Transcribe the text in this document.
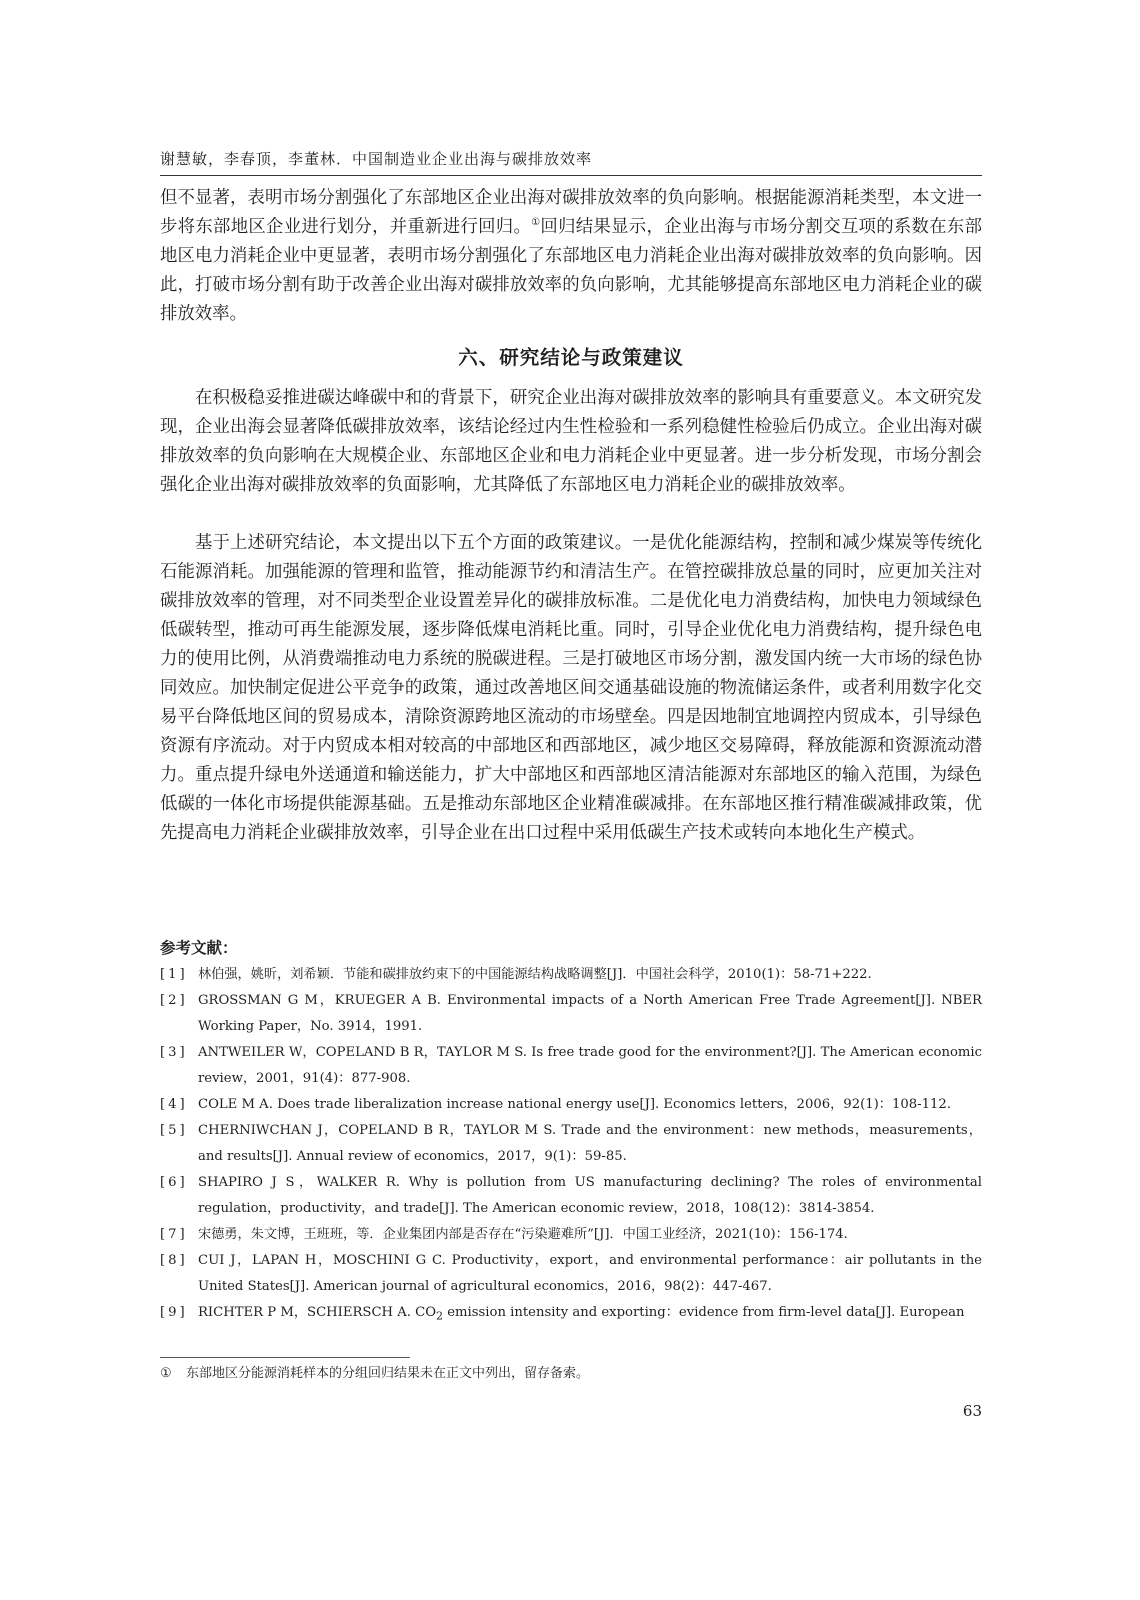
谢慧敏，李春顶，李董林．中国制造业企业出海与碳排放效率

但不显著，表明市场分割强化了东部地区企业出海对碳排放效率的负向影响。根据能源消耗类型，本文进一步将东部地区企业进行划分，并重新进行回归。①回归结果显示，企业出海与市场分割交互项的系数在东部地区电力消耗企业中更显著，表明市场分割强化了东部地区电力消耗企业出海对碳排放效率的负向影响。因此，打破市场分割有助于改善企业出海对碳排放效率的负向影响，尤其能够提高东部地区电力消耗企业的碳排放效率。

六、研究结论与政策建议

在积极稳妥推进碳达峰碳中和的背景下，研究企业出海对碳排放效率的影响具有重要意义。本文研究发现，企业出海会显著降低碳排放效率，该结论经过内生性检验和一系列稳健性检验后仍成立。企业出海对碳排放效率的负向影响在大规模企业、东部地区企业和电力消耗企业中更显著。进一步分析发现，市场分割会强化企业出海对碳排放效率的负面影响，尤其降低了东部地区电力消耗企业的碳排放效率。

基于上述研究结论，本文提出以下五个方面的政策建议。一是优化能源结构，控制和减少煤炭等传统化石能源消耗。加强能源的管理和监管，推动能源节约和清洁生产。在管控碳排放总量的同时，应更加关注对碳排放效率的管理，对不同类型企业设置差异化的碳排放标准。二是优化电力消费结构，加快电力领域绿色低碳转型，推动可再生能源发展，逐步降低煤电消耗比重。同时，引导企业优化电力消费结构，提升绿色电力的使用比例，从消费端推动电力系统的脱碳进程。三是打破地区市场分割，激发国内统一大市场的绿色协同效应。加快制定促进公平竞争的政策，通过改善地区间交通基础设施的物流储运条件，或者利用数字化交易平台降低地区间的贸易成本，清除资源跨地区流动的市场壁垒。四是因地制宜地调控内贸成本，引导绿色资源有序流动。对于内贸成本相对较高的中部地区和西部地区，减少地区交易障碍，释放能源和资源流动潜力。重点提升绿电外送通道和输送能力，扩大中部地区和西部地区清洁能源对东部地区的输入范围，为绿色低碳的一体化市场提供能源基础。五是推动东部地区企业精准碳减排。在东部地区推行精准碳减排政策，优先提高电力消耗企业碳排放效率，引导企业在出口过程中采用低碳生产技术或转向本地化生产模式。

参考文献：
[1] 林伯强，姚昕，刘希颖．节能和碳排放约束下的中国能源结构战略调整[J]．中国社会科学，2010(1)：58-71+222.
[2] GROSSMAN G M，KRUEGER A B. Environmental impacts of a North American Free Trade Agreement[J]. NBER Working Paper，No. 3914，1991.
[3] ANTWEILER W，COPELAND B R，TAYLOR M S. Is free trade good for the environment?[J]. The American economic review，2001，91(4)：877-908.
[4] COLE M A. Does trade liberalization increase national energy use[J]. Economics letters，2006，92(1)：108-112.
[5] CHERNIWCHAN J，COPELAND B R，TAYLOR M S. Trade and the environment：new methods，measurements，and results[J]. Annual review of economics，2017，9(1)：59-85.
[6] SHAPIRO J S，WALKER R. Why is pollution from US manufacturing declining? The roles of environmental regulation，productivity，and trade[J]. The American economic review，2018，108(12)：3814-3854.
[7] 宋德勇，朱文博，王班班，等．企业集团内部是否存在“污染避难所”[J]．中国工业经济，2021(10)：156-174.
[8] CUI J，LAPAN H，MOSCHINI G C. Productivity，export，and environmental performance：air pollutants in the United States[J]. American journal of agricultural economics，2016，98(2)：447-467.
[9] RICHTER P M，SCHIERSCH A. $CO_2$ emission intensity and exporting：evidence from firm-level data[J]. European
① 东部地区分能源消耗样本的分组回归结果未在正文中列出，留存备索。
63
